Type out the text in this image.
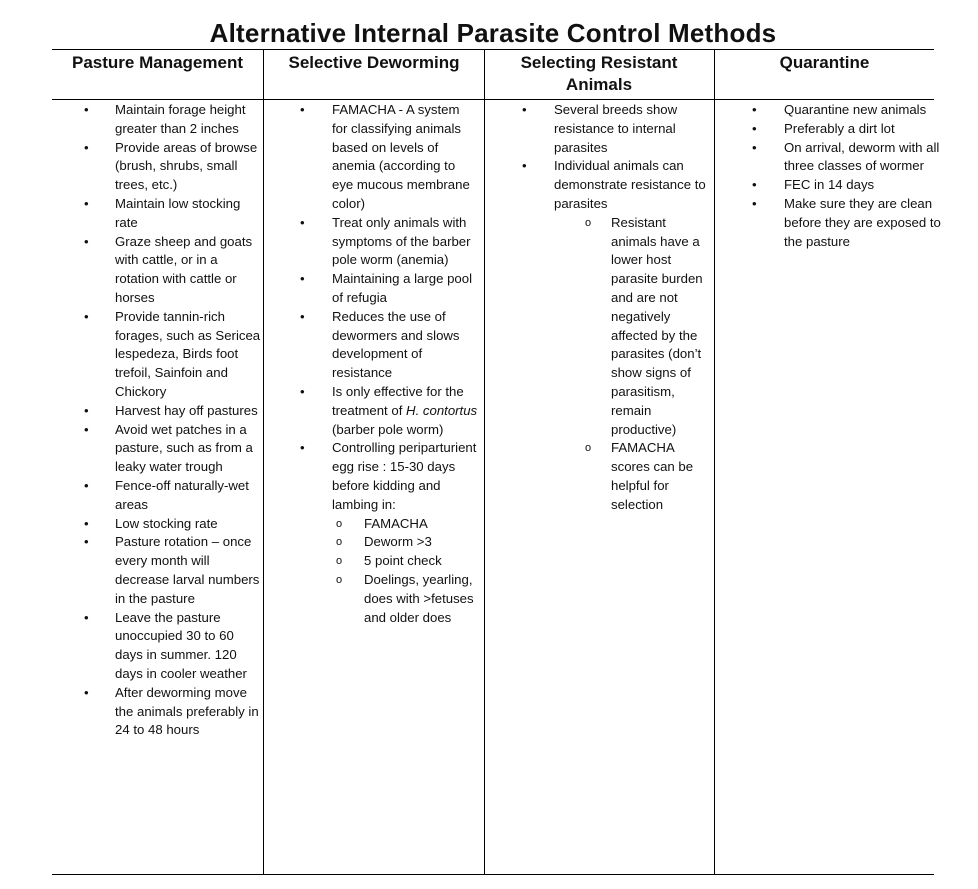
Alternative Internal Parasite Control Methods
Pasture Management	Selective Deworming	Selecting Resistant Animals
Quarantine
• Maintain forage height greater than 2 inches
• Provide areas of browse (brush, shrubs, small trees, etc.)
• Maintain low stocking rate
• Graze sheep and goats with cattle, or in a rotation with cattle or horses
• Provide tannin-rich forages, such as Sericea lespedeza, Birds foot trefoil, Sainfoin and Chickory
• Harvest hay off pastures
• Avoid wet patches in a pasture, such as from a leaky water trough
• Fence-off naturally-wet areas
• Low stocking rate
• Pasture rotation – once every month will decrease larval numbers in the pasture
• Leave the pasture unoccupied 30 to 60 days in summer. 120 days in cooler weather
• After deworming move the animals preferably in 24 to 48 hours
• FAMACHA - A system for classifying animals based on levels of anemia (according to eye mucous membrane color)
• Treat only animals with symptoms of the barber pole worm (anemia)
• Maintaining a large pool of refugia
• Reduces the use of dewormers and slows development of resistance
• Is only effective for the treatment of H. contortus (barber pole worm)
• Controlling periparturient egg rise : 15-30 days before kidding and lambing in:
o FAMACHA
o Deworm >3
o 5 point check
o Doelings, yearling, does with >fetuses and older does
• Several breeds show resistance to internal parasites
• Individual animals can demonstrate resistance to parasites
o Resistant animals have a lower host parasite burden and are not negatively affected by the parasites (don’t show signs of parasitism, remain productive)
o FAMACHA scores can be helpful for selection
• Quarantine new animals
• Preferably a dirt lot
• On arrival, deworm with all three classes of wormer
• FEC in 14 days
• Make sure they are clean before they are exposed to the pasture
